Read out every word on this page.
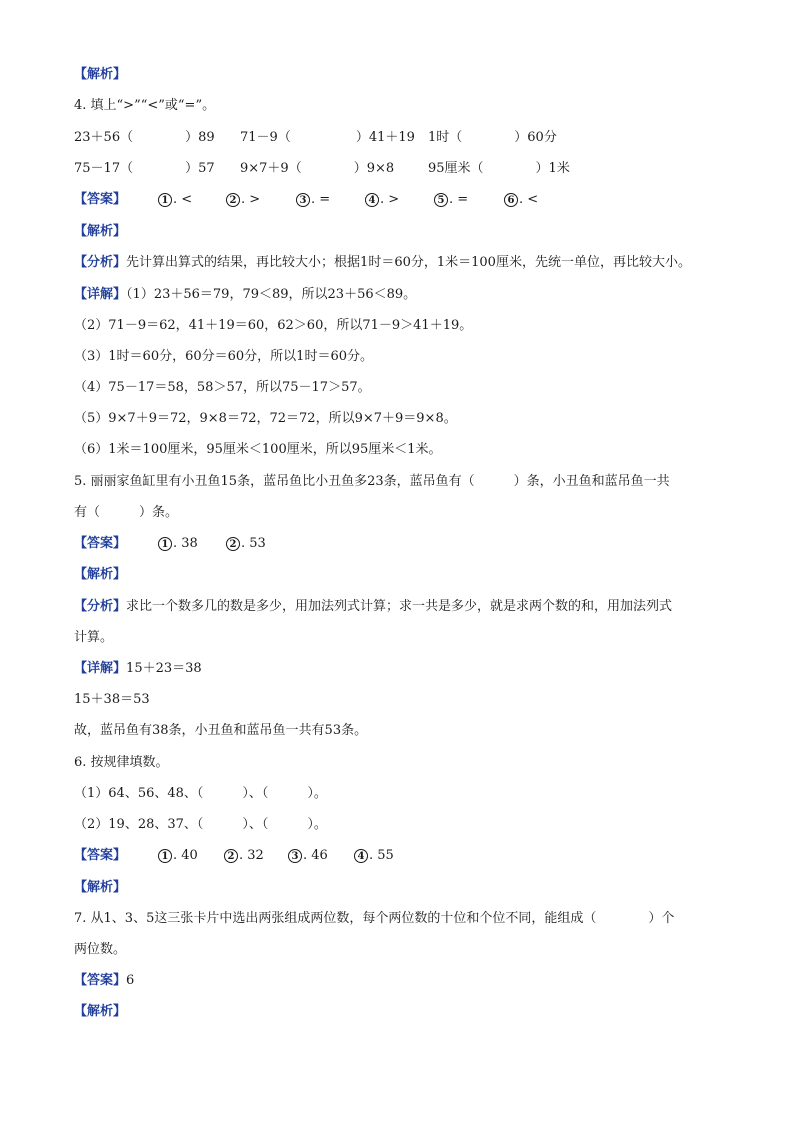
【 解析 】
4. 填上“>”“<”或“=”。
23＋56（　　　　）89 71－9（　　　　　）41＋19 1时（　　　　）60分
75－17（　　　　）57 9×7＋9（　　　　）9×8	95厘米（　　　　）1米
【 答案 】	1 . <	2 . >	3 . =	4 . >	5 . =	6 . <
【 解析 】
【 分析 】 先计算出算式的结果，再比较大小；根据1时＝60分，1米＝100厘米，先统一单位，再比较大小。
【 详解 】 （1）23＋56＝79，79＜89，所以23＋56＜89。
（2）71－9＝62，41＋19＝60，62＞60，所以71－9＞41＋19。
（3）1时＝60分，60分＝60分，所以1时＝60分。
（4）75－17＝58，58＞57，所以75－17＞57。
（5）9×7＋9＝72，9×8＝72，72＝72，所以9×7＋9＝9×8。
（6）1米＝100厘米，95厘米＜100厘米，所以95厘米＜1米。
5. 丽丽家鱼缸里有小丑鱼15条，蓝吊鱼比小丑鱼多23条，蓝吊鱼有（　　　）条，小丑鱼和蓝吊鱼一共
有（　　　）条。
【 答案 】	1 . 38	2 . 53
【 解析 】
【 分析 】 求比一个数多几的数是多少，用加法列式计算；求一共是多少，就是求两个数的和，用加法列式
计算。
【 详解 】 15＋23＝38
15＋38＝53
故，蓝吊鱼有38条，小丑鱼和蓝吊鱼一共有53条。
6. 按规律填数。
（1）64、56、48、（　　　）、（　　　）。
（2）19、28、37、（　　　）、（　　　）。
【 答案 】	1 . 40	2 . 32	3 . 46	4 . 55
【 解析 】
7. 从1、3、5这三张卡片中选出两张组成两位数，每个两位数的十位和个位不同，能组成（　　　　）个
两位数。
【 答案 】 6
【 解析 】
